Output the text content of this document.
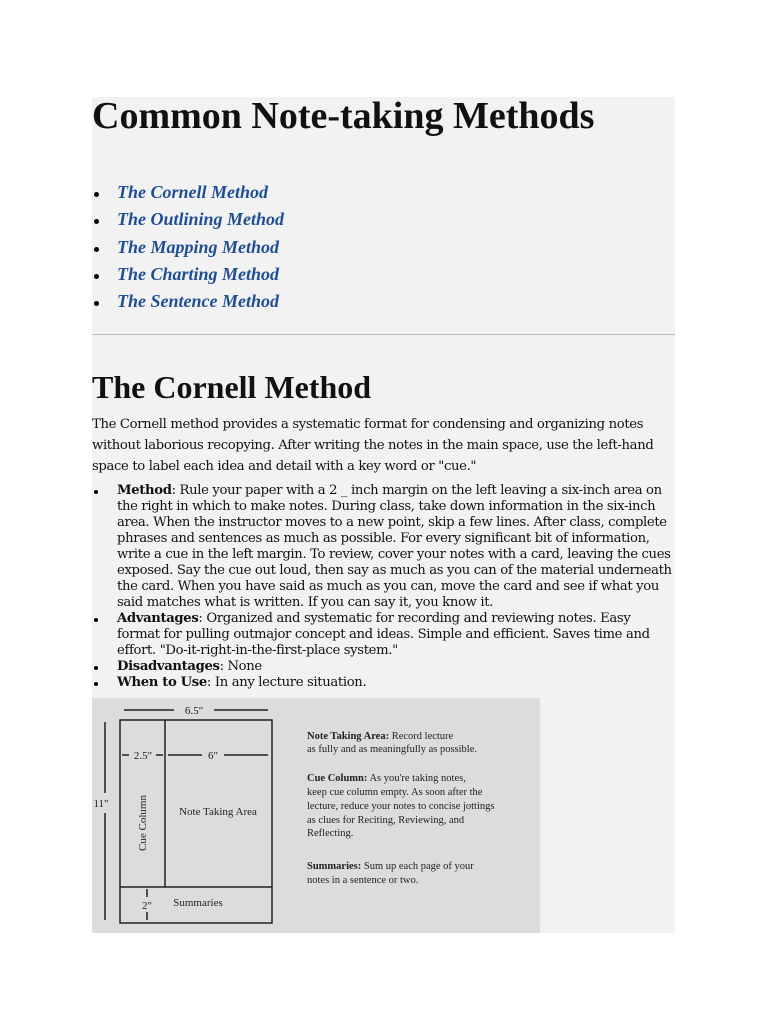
Common Note-taking Methods
The Cornell Method
The Outlining Method
The Mapping Method
The Charting Method
The Sentence Method
The Cornell Method

The Cornell method provides a systematic format for condensing and organizing notes without laborious recopying. After writing the notes in the main space, use the left-hand space to label each idea and detail with a key word or "cue."

Method: Rule your paper with a 2 _ inch margin on the left leaving a six-inch area on the right in which to make notes. During class, take down information in the six-inch area. When the instructor moves to a new point, skip a few lines. After class, complete phrases and sentences as much as possible. For every significant bit of information, write a cue in the left margin. To review, cover your notes with a card, leaving the cues exposed. Say the cue out loud, then say as much as you can of the material underneath the card. When you have said as much as you can, move the card and see if what you said matches what is written. If you can say it, you know it.
Advantages: Organized and systematic for recording and reviewing notes. Easy format for pulling outmajor concept and ideas. Simple and efficient. Saves time and effort. "Do-it-right-in-the-first-place system."
Disadvantages: None
When to Use: In any lecture situation.
6.5"
11"
2.5"	6"
2"
Cue Column	Note Taking Area
Summaries
Note Taking Area: Record lecture
as fully and as meaningfully as possible.
Cue Column: As you're taking notes,
keep cue column empty. As soon after the
lecture, reduce your notes to concise jottings
as clues for Reciting, Reviewing, and
Reflecting.
Summaries: Sum up each page of your
notes in a sentence or two.
